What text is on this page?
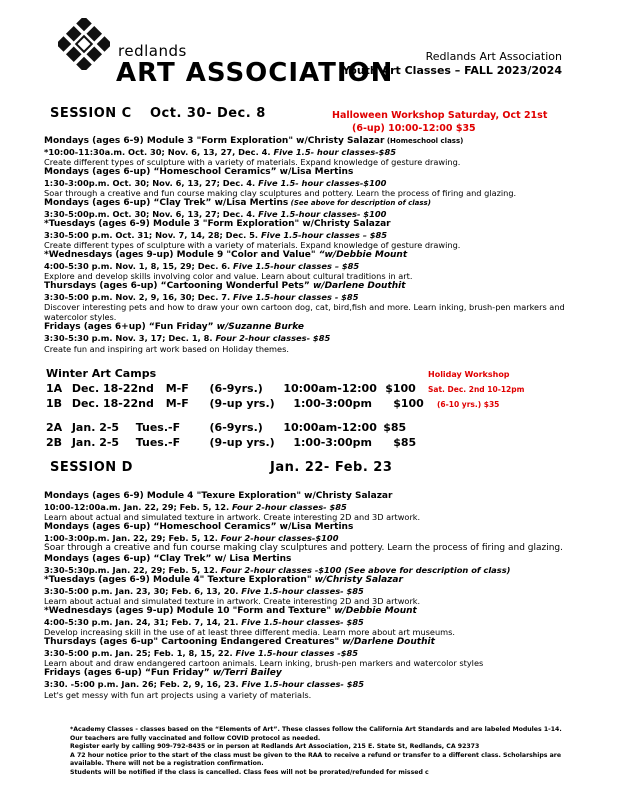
redlands
ART ASSOCIATION
Redlands Art Association
Youth Art Classes – FALL 2023/2024
SESSION C Oct. 30- Dec. 8	Halloween Workshop Saturday, Oct 21st
(6-up) 10:00-12:00 $35
Mondays (ages 6-9) Module 3 "Form Exploration" w/Christy Salazar (Homeschool class)
*10:00-11:30a.m. Oct. 30; Nov. 6, 13, 27, Dec. 4. Five 1.5- hour classes-$85
Create different types of sculpture with a variety of materials. Expand knowledge of gesture drawing.
Mondays (ages 6-up) “Homeschool Ceramics” w/Lisa Mertins
1:30-3:00p.m. Oct. 30; Nov. 6, 13, 27; Dec. 4. Five 1.5- hour classes-$100
Soar through a creative and fun course making clay sculptures and pottery. Learn the process of firing and glazing.
Mondays (ages 6-up) “Clay Trek” w/Lisa Mertins (See above for description of class)
3:30-5:00p.m. Oct. 30; Nov. 6, 13, 27; Dec. 4. Five 1.5-hour classes- $100
*Tuesdays (ages 6-9) Module 3 "Form Exploration" w/Christy Salazar
3:30-5:00 p.m. Oct. 31; Nov. 7, 14, 28; Dec. 5. Five 1.5-hour classes – $85
Create different types of sculpture with a variety of materials. Expand knowledge of gesture drawing.
*Wednesdays (ages 9-up) Module 9 "Color and Value" “w/Debbie Mount
4:00-5:30 p.m. Nov. 1, 8, 15, 29; Dec. 6. Five 1.5-hour classes – $85
Explore and develop skills involving color and value. Learn about cultural traditions in art.
Thursdays (ages 6-up) “Cartooning Wonderful Pets” w/Darlene Douthit
3:30-5:00 p.m. Nov. 2, 9, 16, 30; Dec. 7. Five 1.5-hour classes - $85
Discover interesting pets and how to draw your own cartoon dog, cat, bird,fish and more. Learn inking, brush-pen markers and watercolor styles.
Fridays (ages 6+up) “Fun Friday” w/Suzanne Burke
3:30-5:30 p.m. Nov. 3, 17; Dec. 1, 8. Four 2-hour classes- $85
Create fun and inspiring art work based on Holiday themes.
Winter Art Camps	Holiday Workshop
Sat. Dec. 2nd 10-12pm
(6-10 yrs.) $35
1A Dec. 18-22nd M-F (6-9yrs.) 10:00am-12:00 $100
1B Dec. 18-22nd M-F (9-up yrs.) 1:00-3:00pm $100
2A Jan. 2-5 Tues.-F	(6-9yrs.) 10:00am-12:00 $85
2B Jan. 2-5 Tues.-F	(9-up yrs.) 1:00-3:00pm $85
SESSION D	Jan. 22- Feb. 23
Mondays (ages 6-9) Module 4 "Texure Exploration" w/Christy Salazar
10:00-12:00a.m. Jan. 22, 29; Feb. 5, 12. Four 2-hour classes- $85
Learn about actual and simulated texture in artwork. Create interesting 2D and 3D artwork.
Mondays (ages 6-up) “Homeschool Ceramics” w/Lisa Mertins
1:00-3:00p.m. Jan. 22, 29; Feb. 5, 12. Four 2-hour classes-$100
Soar through a creative and fun course making clay sculptures and pottery. Learn the process of firing and glazing.
Mondays (ages 6-up) “Clay Trek” w/ Lisa Mertins
3:30-5:30p.m. Jan. 22, 29; Feb. 5, 12. Four 2-hour classes -$100 (See above for description of class)
*Tuesdays (ages 6-9) Module 4" Texture Exploration" w/Christy Salazar
3:30-5:00 p.m. Jan. 23, 30; Feb. 6, 13, 20. Five 1.5-hour classes- $85
Learn about actual and simulated texture in artwork. Create interesting 2D and 3D artwork.
*Wednesdays (ages 9-up) Module 10 "Form and Texture" w/Debbie Mount
4:00-5:30 p.m. Jan. 24, 31; Feb. 7, 14, 21. Five 1.5-hour classes- $85
Develop increasing skill in the use of at least three different media. Learn more about art museums.
Thursdays (ages 6-up" Cartooning Endangered Creatures" w/Darlene Douthit
3:30-5:00 p.m. Jan. 25; Feb. 1, 8, 15, 22. Five 1.5-hour classes -$85
Learn about and draw endangered cartoon animals. Learn inking, brush-pen markers and watercolor styles
Fridays (ages 6-up) “Fun Friday” w/Terri Bailey
3:30. -5:00 p.m. Jan. 26; Feb. 2, 9, 16, 23. Five 1.5-hour classes- $85
Let's get messy with fun art projects using a variety of materials.
*Academy Classes - classes based on the “Elements of Art”. These classes follow the California Art Standards and are labeled Modules 1-14.
Our teachers are fully vaccinated and follow COVID protocol as needed.
Register early by calling 909-792-8435 or in person at Redlands Art Association, 215 E. State St, Redlands, CA 92373
A 72 hour notice prior to the start of the class must be given to the RAA to receive a refund or transfer to a different class. Scholarships are
available. There will not be a registration confirmation.
Students will be notified if the class is cancelled. Class fees will not be prorated/refunded for missed c
